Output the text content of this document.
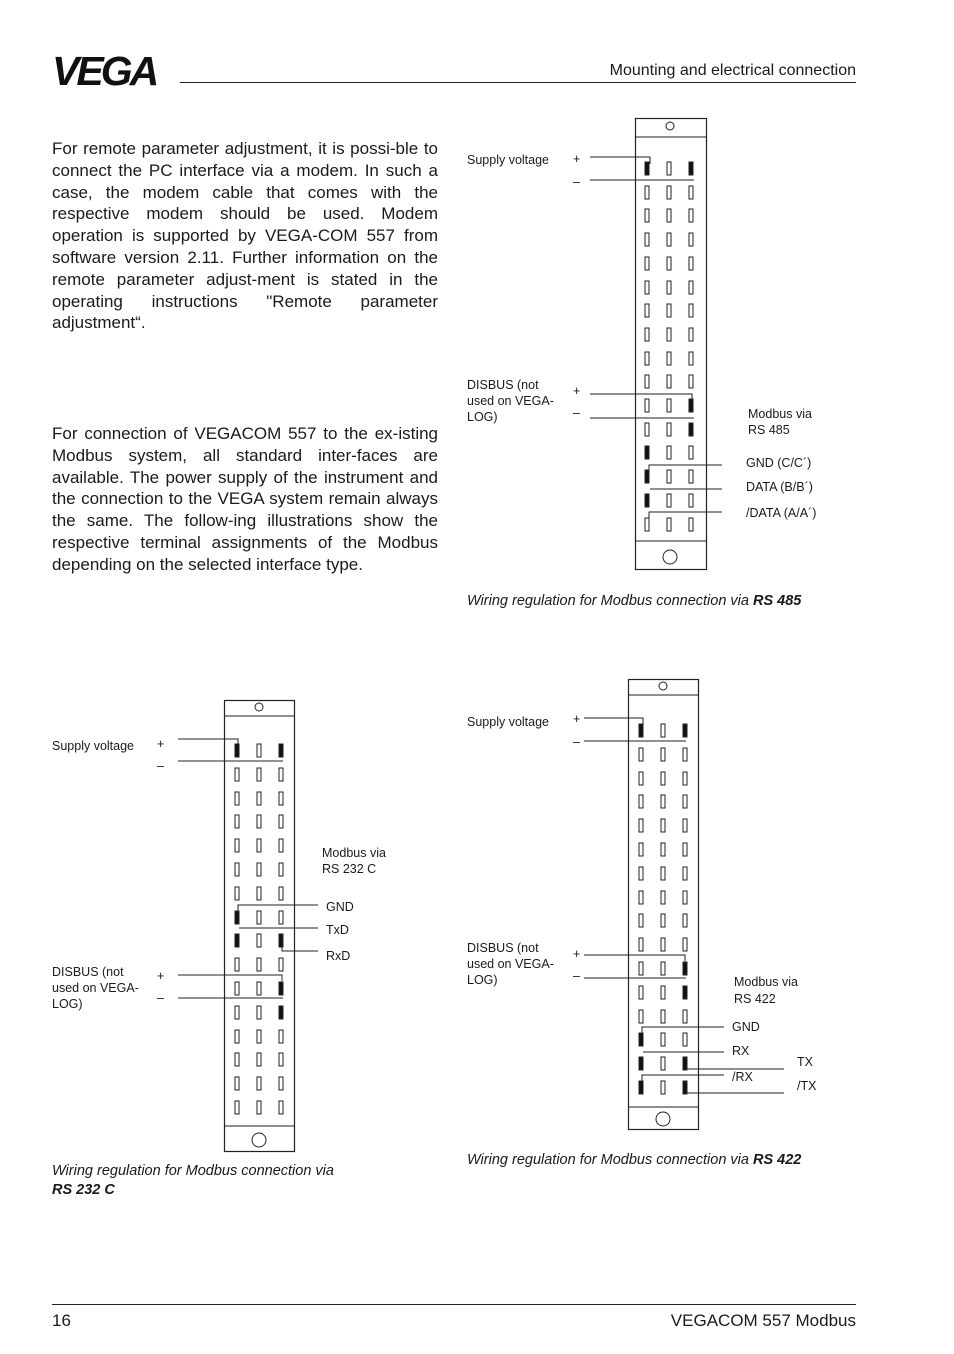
VEGA	Mounting and electrical connection
For remote parameter adjustment, it is possi-ble to connect the PC interface via a modem. In such a case, the modem cable that comes with the respective modem should be used. Modem operation is supported by VEGA-COM 557 from software version 2.11. Further information on the remote parameter adjust-ment is stated in the operating instructions "Remote parameter adjustment“.
For connection of VEGACOM 557 to the ex-isting Modbus system, all standard inter-faces are available. The power supply of the instrument and the connection to the VEGA system remain always the same. The follow-ing illustrations show the respective terminal assignments of the Modbus depending on the selected interface type.
Supply voltage +
–
DISBUS (not
used on VEGA-
LOG)
+
–	Modbus via
RS 485
GND (C/C´)
DATA (B/B´)
/DATA (A/A´)
Supply voltage +
–
DISBUS (not
used on VEGA-
LOG)
+
–
Modbus via
RS 232 C
GND
TxD
RxD
Supply voltage +
–
DISBUS (not
used on VEGA-
LOG)
+
–	Modbus via
RS 422
GND
RX
/RX
TX
/TX
Wiring regulation for Modbus connection via RS 485
Wiring regulation for Modbus connection via
RS 232 C
Wiring regulation for Modbus connection via RS 422
16	VEGACOM 557 Modbus
